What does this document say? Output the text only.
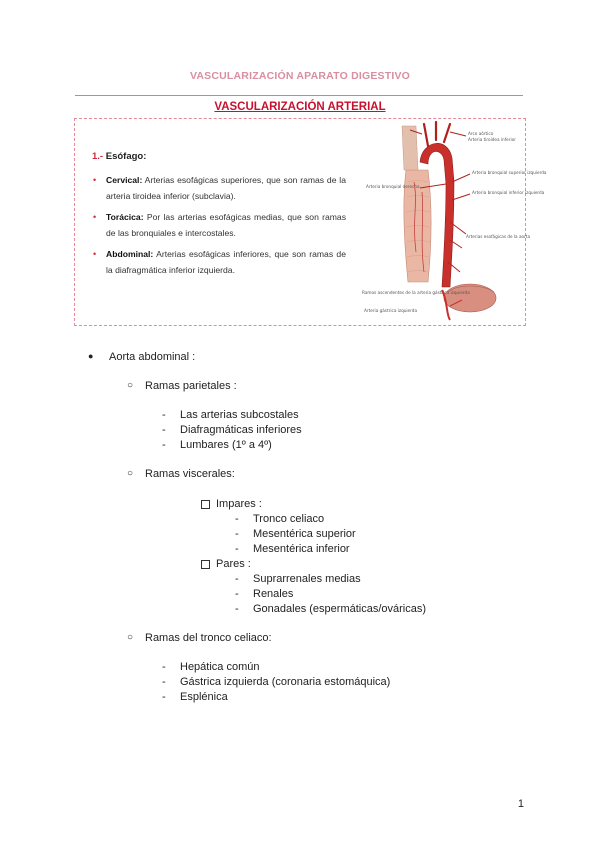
VASCULARIZACIÓN APARATO DIGESTIVO
VASCULARIZACIÓN ARTERIAL
1.- Esófago:
• Cervical: Arterias esofágicas superiores, que son ramas de la arteria tiroidea inferior (subclavia).
• Torácica: Por las arterias esofágicas medias, que son ramas de las bronquiales e intercostales.
• Abdominal: Arterias esofágicas inferiores, que son ramas de la diafragmática inferior izquierda.
Arco aórtico
Arteria tiroidea inferior
Arteria bronquial superior izquierda
Arteria bronquial derecha
Arteria bronquial inferior izquierda
Arterias esofágicas de la aorta
Ramos ascendentes de la arteria gástrica izquierda
Arteria gástrica izquierda
● Aorta abdominal :
○ Ramas parietales :
- Las arterias subcostales
- Diafragmáticas inferiores
- Lumbares (1º a 4º)
○ Ramas viscerales:
Impares :
- Tronco celiaco
- Mesentérica superior
- Mesentérica inferior
Pares :
- Suprarrenales medias
- Renales
- Gonadales (espermáticas/ováricas)
○ Ramas del tronco celiaco:
- Hepática común
- Gástrica izquierda (coronaria estomáquica)
- Esplénica
1
